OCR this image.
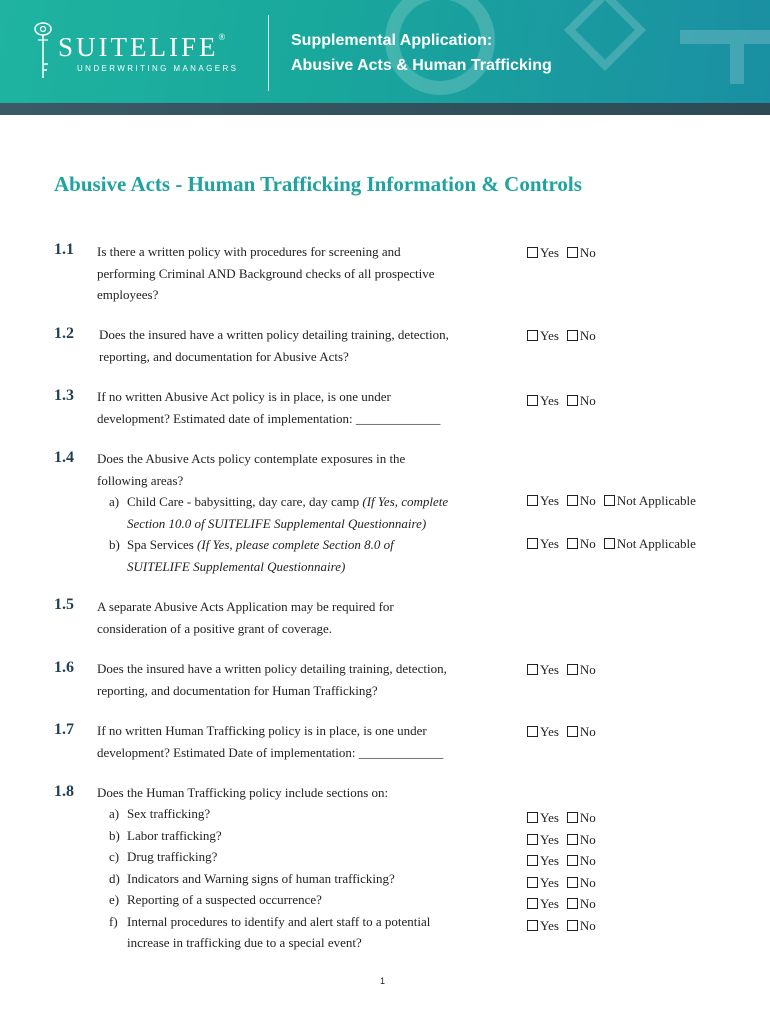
SUITELIFE®
UNDERWRITING MANAGERS
Supplemental Application:
Abusive Acts & Human Trafficking
Abusive Acts - Human Trafficking Information & Controls
1.1 Is there a written policy with procedures for screening and
performing Criminal AND Background checks of all prospective
employees?
Yes No
1.2 Does the insured have a written policy detailing training, detection,
reporting, and documentation for Abusive Acts?
Yes No
1.3 If no written Abusive Act policy is in place, is one under
development? Estimated date of implementation: _____________
Yes No
1.4 Does the Abusive Acts policy contemplate exposures in the
following areas?
a) Child Care - babysitting, day care, day camp (If Yes, complete
Section 10.0 of SUITELIFE Supplemental Questionnaire)
Yes No Not Applicable
b) Spa Services (If Yes, please complete Section 8.0 of
SUITELIFE Supplemental Questionnaire)
Yes No Not Applicable
1.5 A separate Abusive Acts Application may be required for
consideration of a positive grant of coverage.
1.6 Does the insured have a written policy detailing training, detection,
reporting, and documentation for Human Trafficking?
Yes No
1.7 If no written Human Trafficking policy is in place, is one under
development? Estimated Date of implementation: _____________
Yes No
1.8 Does the Human Trafficking policy include sections on:
a) Sex trafficking?
b) Labor trafficking?
c) Drug trafficking?
d) Indicators and Warning signs of human trafficking?
e) Reporting of a suspected occurrence?
f) Internal procedures to identify and alert staff to a potential
increase in trafficking due to a special event?
Yes No
Yes No
Yes No
Yes No
Yes No
Yes No
1
